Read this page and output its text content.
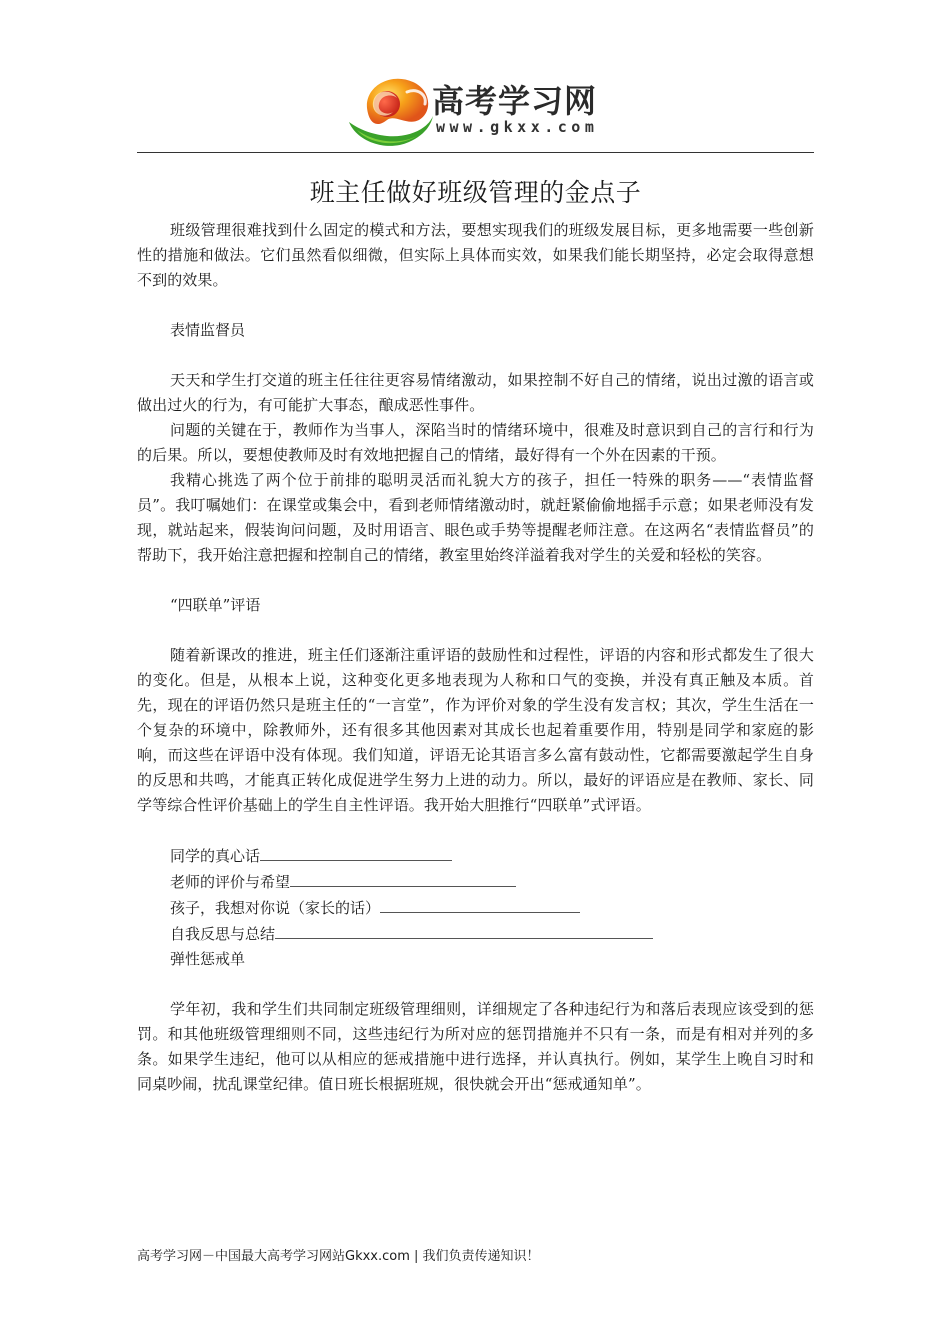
高考学习网
www.gkxx.com
班主任做好班级管理的金点子

班级管理很难找到什么固定的模式和方法，要想实现我们的班级发展目标，更多地需要一些创新性的措施和做法。它们虽然看似细微，但实际上具体而实效，如果我们能长期坚持，必定会取得意想不到的效果。

表情监督员

天天和学生打交道的班主任往往更容易情绪激动，如果控制不好自己的情绪，说出过激的语言或做出过火的行为，有可能扩大事态，酿成恶性事件。

问题的关键在于，教师作为当事人，深陷当时的情绪环境中，很难及时意识到自己的言行和行为的后果。所以，要想使教师及时有效地把握自己的情绪，最好得有一个外在因素的干预。

我精心挑选了两个位于前排的聪明灵活而礼貌大方的孩子，担任一特殊的职务——“表情监督员”。我叮嘱她们：在课堂或集会中，看到老师情绪激动时，就赶紧偷偷地摇手示意；如果老师没有发现，就站起来，假装询问问题，及时用语言、眼色或手势等提醒老师注意。在这两名“表情监督员”的帮助下，我开始注意把握和控制自己的情绪，教室里始终洋溢着我对学生的关爱和轻松的笑容。

“四联单”评语

随着新课改的推进，班主任们逐渐注重评语的鼓励性和过程性，评语的内容和形式都发生了很大的变化。但是，从根本上说，这种变化更多地表现为人称和口气的变换，并没有真正触及本质。首先，现在的评语仍然只是班主任的“一言堂”，作为评价对象的学生没有发言权；其次，学生生活在一个复杂的环境中，除教师外，还有很多其他因素对其成长也起着重要作用，特别是同学和家庭的影响，而这些在评语中没有体现。我们知道，评语无论其语言多么富有鼓动性，它都需要激起学生自身的反思和共鸣，才能真正转化成促进学生努力上进的动力。所以，最好的评语应是在教师、家长、同学等综合性评价基础上的学生自主性评语。我开始大胆推行“四联单”式评语。

同学的真心话

老师的评价与希望

孩子，我想对你说（家长的话）

自我反思与总结

弹性惩戒单

学年初，我和学生们共同制定班级管理细则，详细规定了各种违纪行为和落后表现应该受到的惩罚。和其他班级管理细则不同，这些违纪行为所对应的惩罚措施并不只有一条，而是有相对并列的多条。如果学生违纪，他可以从相应的惩戒措施中进行选择，并认真执行。例如，某学生上晚自习时和同桌吵闹，扰乱课堂纪律。值日班长根据班规，很快就会开出“惩戒通知单”。

高考学习网－中国最大高考学习网站Gkxx.com | 我们负责传递知识！
